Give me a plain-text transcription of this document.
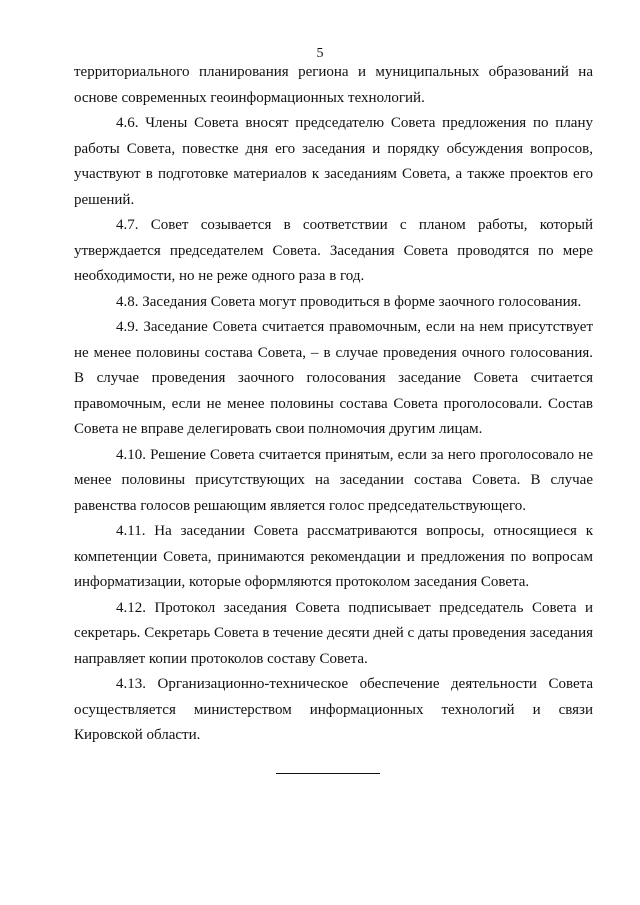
5

территориального планирования региона и муниципальных образований на основе современных геоинформационных технологий.

4.6. Члены Совета вносят председателю Совета предложения по плану работы Совета, повестке дня его заседания и порядку обсуждения вопросов, участвуют в подготовке материалов к заседаниям Совета, а также проектов его решений.

4.7. Совет созывается в соответствии с планом работы, который утверждается председателем Совета. Заседания Совета проводятся по мере необходимости, но не реже одного раза в год.

4.8. Заседания Совета могут проводиться в форме заочного голосования.

4.9. Заседание Совета считается правомочным, если на нем присутствует не менее половины состава Совета, – в случае проведения очного голосования. В случае проведения заочного голосования заседание Совета считается правомочным, если не менее половины состава Совета проголосовали. Состав Совета не вправе делегировать свои полномочия другим лицам.

4.10. Решение Совета считается принятым, если за него проголосовало не менее половины присутствующих на заседании состава Совета. В случае равенства голосов решающим является голос председательствующего.

4.11. На заседании Совета рассматриваются вопросы, относящиеся к компетенции Совета, принимаются рекомендации и предложения по вопросам информатизации, которые оформляются протоколом заседания Совета.

4.12. Протокол заседания Совета подписывает председатель Совета и секретарь. Секретарь Совета в течение десяти дней с даты проведения заседания направляет копии протоколов составу Совета.

4.13. Организационно-техническое обеспечение деятельности Совета осуществляется министерством информационных технологий и связи Кировской области.
